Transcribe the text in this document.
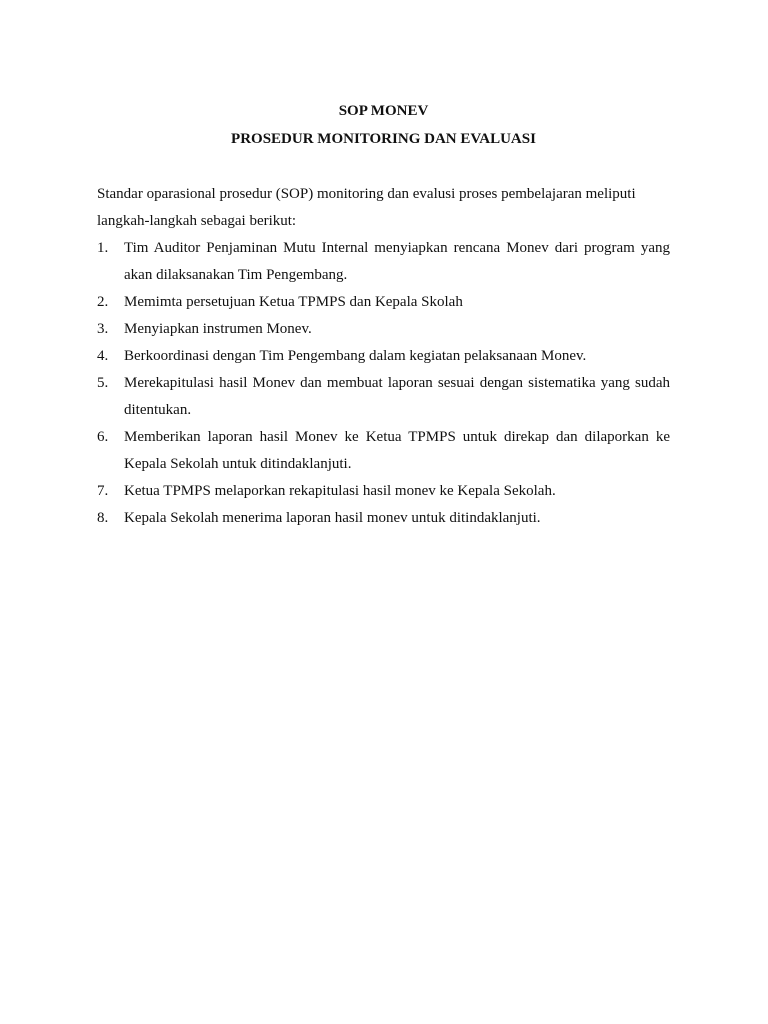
SOP MONEV

PROSEDUR MONITORING DAN EVALUASI

Standar oparasional prosedur (SOP) monitoring dan evalusi proses pembelajaran meliputi langkah-langkah sebagai berikut:

1.	Tim Auditor Penjaminan Mutu Internal menyiapkan rencana Monev dari program yang akan dilaksanakan Tim Pengembang.
2.	Memimta persetujuan Ketua TPMPS dan Kepala Skolah
3.	Menyiapkan instrumen Monev.
4.	Berkoordinasi dengan Tim Pengembang dalam kegiatan pelaksanaan Monev.
5.	Merekapitulasi hasil Monev dan membuat laporan sesuai dengan sistematika yang sudah ditentukan.
6.	Memberikan laporan hasil Monev ke Ketua TPMPS untuk direkap dan dilaporkan ke Kepala Sekolah untuk ditindaklanjuti.
7.	Ketua TPMPS melaporkan rekapitulasi hasil monev ke Kepala Sekolah.
8.	Kepala Sekolah menerima laporan hasil monev untuk ditindaklanjuti.
